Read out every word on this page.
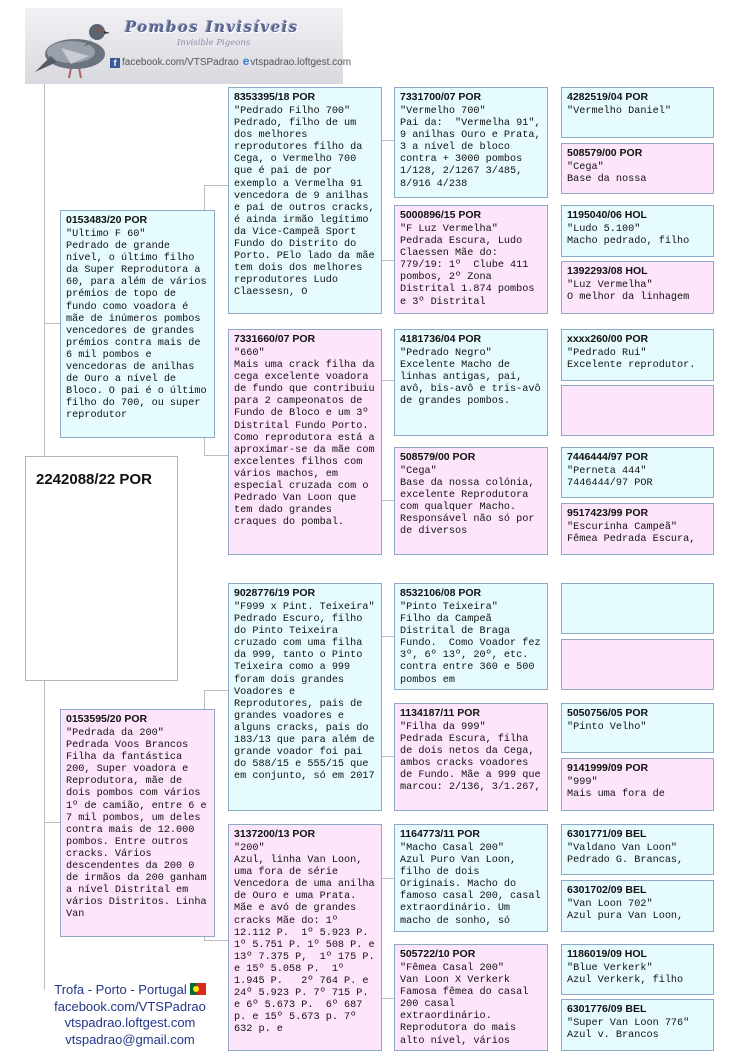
Pombos Invisíveis
Invisible Pigeons
f facebook.com/VTSPadrao evtspadrao.loftgest.com
2242088/22 POR
0153483/20 POR
"Ultimo F 60"
Pedrado de grande nível, o último filho da Super Reprodutora a 60, para além de vários prémios de topo de fundo como voadora é mãe de inúmeros pombos vencedores de grandes prémios contra mais de 6 mil pombos e vencedoras de anilhas de Ouro a nível de Bloco. O pai é o último filho do 700, ou super reprodutor
0153595/20 POR
"Pedrada da 200"
Pedrada Voos Brancos Filha da fantástica 200, Super voadora e Reprodutora, mãe de dois pombos com vários 1º de camião, entre 6 e 7 mil pombos, um deles contra mais de 12.000 pombos. Entre outros cracks. Vários descendentes da 200 0 de irmãos da 200 ganham a nível Distrital em vários Distritos. Linha Van
8353395/18 POR
"Pedrado Filho 700"
Pedrado, filho de um dos melhores reprodutores filho da Cega, o Vermelho 700 que é pai de por exemplo a Vermelha 91 vencedora de 9 anilhas e pai de outros cracks, é ainda irmão legítimo da Vice-Campeã Sport Fundo do Distrito do Porto. PElo lado da mãe tem dois dos melhores reprodutores Ludo Claessesn, O
7331660/07 POR
"660"
Mais uma crack filha da cega excelente voadora de fundo que contribuiu para 2 campeonatos de Fundo de Bloco e um 3º Distrital Fundo Porto. Como reprodutora está a aproximar-se da mãe com excelentes filhos com vários machos, em especial cruzada com o Pedrado Van Loon que tem dado grandes craques do pombal.
9028776/19 POR
"F999 x Pint. Teixeira"
Pedrado Escuro, filho do Pinto Teixeira cruzado com uma filha da 999, tanto o Pinto Teixeira como a 999 foram dois grandes Voadores e Reprodutores, pais de grandes voadores e alguns cracks, pais do 183/13 que para além de grande voador foi pai do 588/15 e 555/15 que em conjunto, só em 2017
3137200/13 POR
"200"
Azul, linha Van Loon, uma fora de série Vencedora de uma anilha de Ouro e uma Prata. Mãe e avó de grandes cracks Mãe do: 1º 12.112 P.  1º 5.923 P. 1º 5.751 P. 1º 508 P. e  13º 7.375 P,  1º 175 P. e 15º 5.058 P.  1º 1.945 P.   2º 764 P. e 24º 5.923 P. 7º 715 P. e 6º 5.673 P.  6º 687 p. e 15º 5.673 p. 7º 632 p. e
7331700/07 POR
"Vermelho 700"
Pai da:  "Vermelha 91", 9 anilhas Ouro e Prata, 3 a nível de bloco contra + 3000 pombos 1/128, 2/1267 3/485, 8/916 4/238
5000896/15 POR
"F Luz Vermelha"
Pedrada Escura, Ludo Claessen Mãe do: 779/19: 1º  Clube 411 pombos, 2º Zona Distrital 1.874 pombos e 3º Distrital
4181736/04 POR
"Pedrado Negro"
Excelente Macho de linhas antigas, pai, avô, bis-avô e tris-avô de grandes pombos.
508579/00 POR
"Cega"
Base da nossa colónia, excelente Reprodutora com qualquer Macho. Responsável não só por de diversos
8532106/08 POR
"Pinto Teixeira"
Filho da Campeã Distrital de Braga Fundo.  Como Voador fez 3º, 6º 13º, 20º, etc. contra entre 360 e 500 pombos em
1134187/11 POR
"Filha da 999"
Pedrada Escura, filha de dois netos da Cega, ambos cracks voadores de Fundo. Mãe a 999 que marcou: 2/136, 3/1.267,
1164773/11 POR
"Macho Casal 200"
Azul Puro Van Loon, filho de dois Originais. Macho do famoso casal 200, casal extraordinário. Um macho de sonho, só
505722/10 POR
"Fêmea Casal 200"
Van Loon X Verkerk Famosa fêmea do casal 200 casal extraordinário. Reprodutora do mais alto nível, vários
4282519/04 POR
"Vermelho Daniel"
508579/00 POR
"Cega"
Base da nossa
1195040/06 HOL
"Ludo 5.100"
Macho pedrado, filho
1392293/08 HOL
"Luz Vermelha"
O melhor da linhagem
xxxx260/00 POR
"Pedrado Rui"
Excelente reprodutor.
7446444/97 POR
"Perneta 444"
7446444/97 POR
9517423/99 POR
"Escurinha Campeã"
Fêmea Pedrada Escura,
5050756/05 POR
"Pinto Velho"
9141999/09 POR
"999"
Mais uma fora de
6301771/09 BEL
"Valdano Van Loon"
Pedrado G. Brancas,
6301702/09 BEL
"Van Loon 702"
Azul pura Van Loon,
1186019/09 HOL
"Blue Verkerk"
Azul Verkerk, filho
6301776/09 BEL
"Super Van Loon 776"
Azul v. Brancos
Trofa - Porto - Portugal
facebook.com/VTSPadrao
vtspadrao.loftgest.com
vtspadrao@gmail.com
